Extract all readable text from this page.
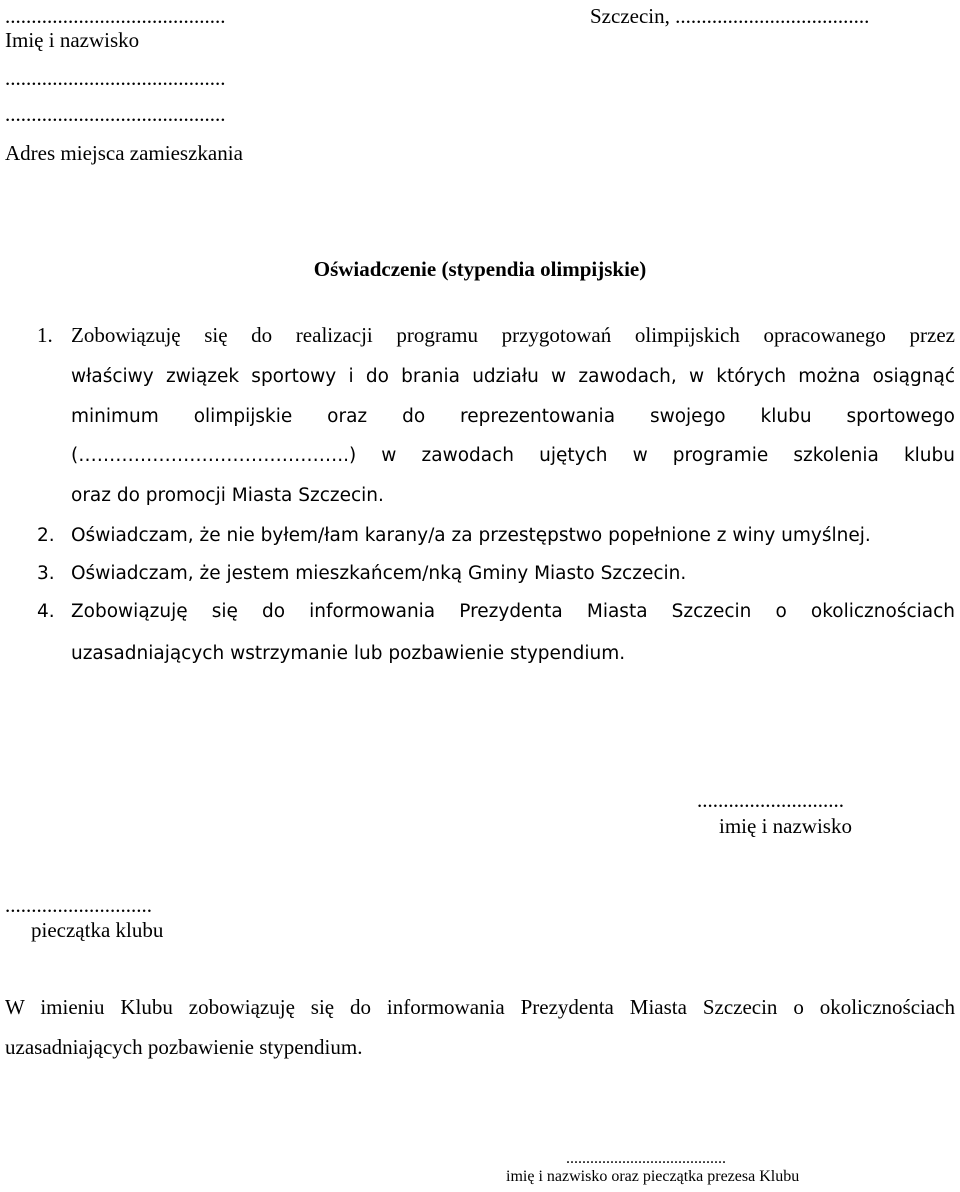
..........................................	Szczecin, .....................................
Imię i nazwisko
..........................................
..........................................
Adres miejsca zamieszkania
Oświadczenie (stypendia olimpijskie)
1. Zobowiązuję się do realizacji programu przygotowań olimpijskich opracowanego przez
właściwy związek sportowy i do brania udziału w zawodach, w których można osiągnąć
minimum olimpijskie oraz do reprezentowania swojego klubu sportowego
(……………………………………..) w zawodach ujętych w programie szkolenia klubu
oraz do promocji Miasta Szczecin.
2. Oświadczam, że nie byłem/łam karany/a za przestępstwo popełnione z winy umyślnej.
3. Oświadczam, że jestem mieszkańcem/nką Gminy Miasto Szczecin.
4. Zobowiązuję się do informowania Prezydenta Miasta Szczecin o okolicznościach
uzasadniających wstrzymanie lub pozbawienie stypendium.
............................
imię i nazwisko
............................
pieczątka klubu
W imieniu Klubu zobowiązuję się do informowania Prezydenta Miasta Szczecin o okolicznościach
uzasadniających pozbawienie stypendium.
........................................
imię i nazwisko oraz pieczątka prezesa Klubu
